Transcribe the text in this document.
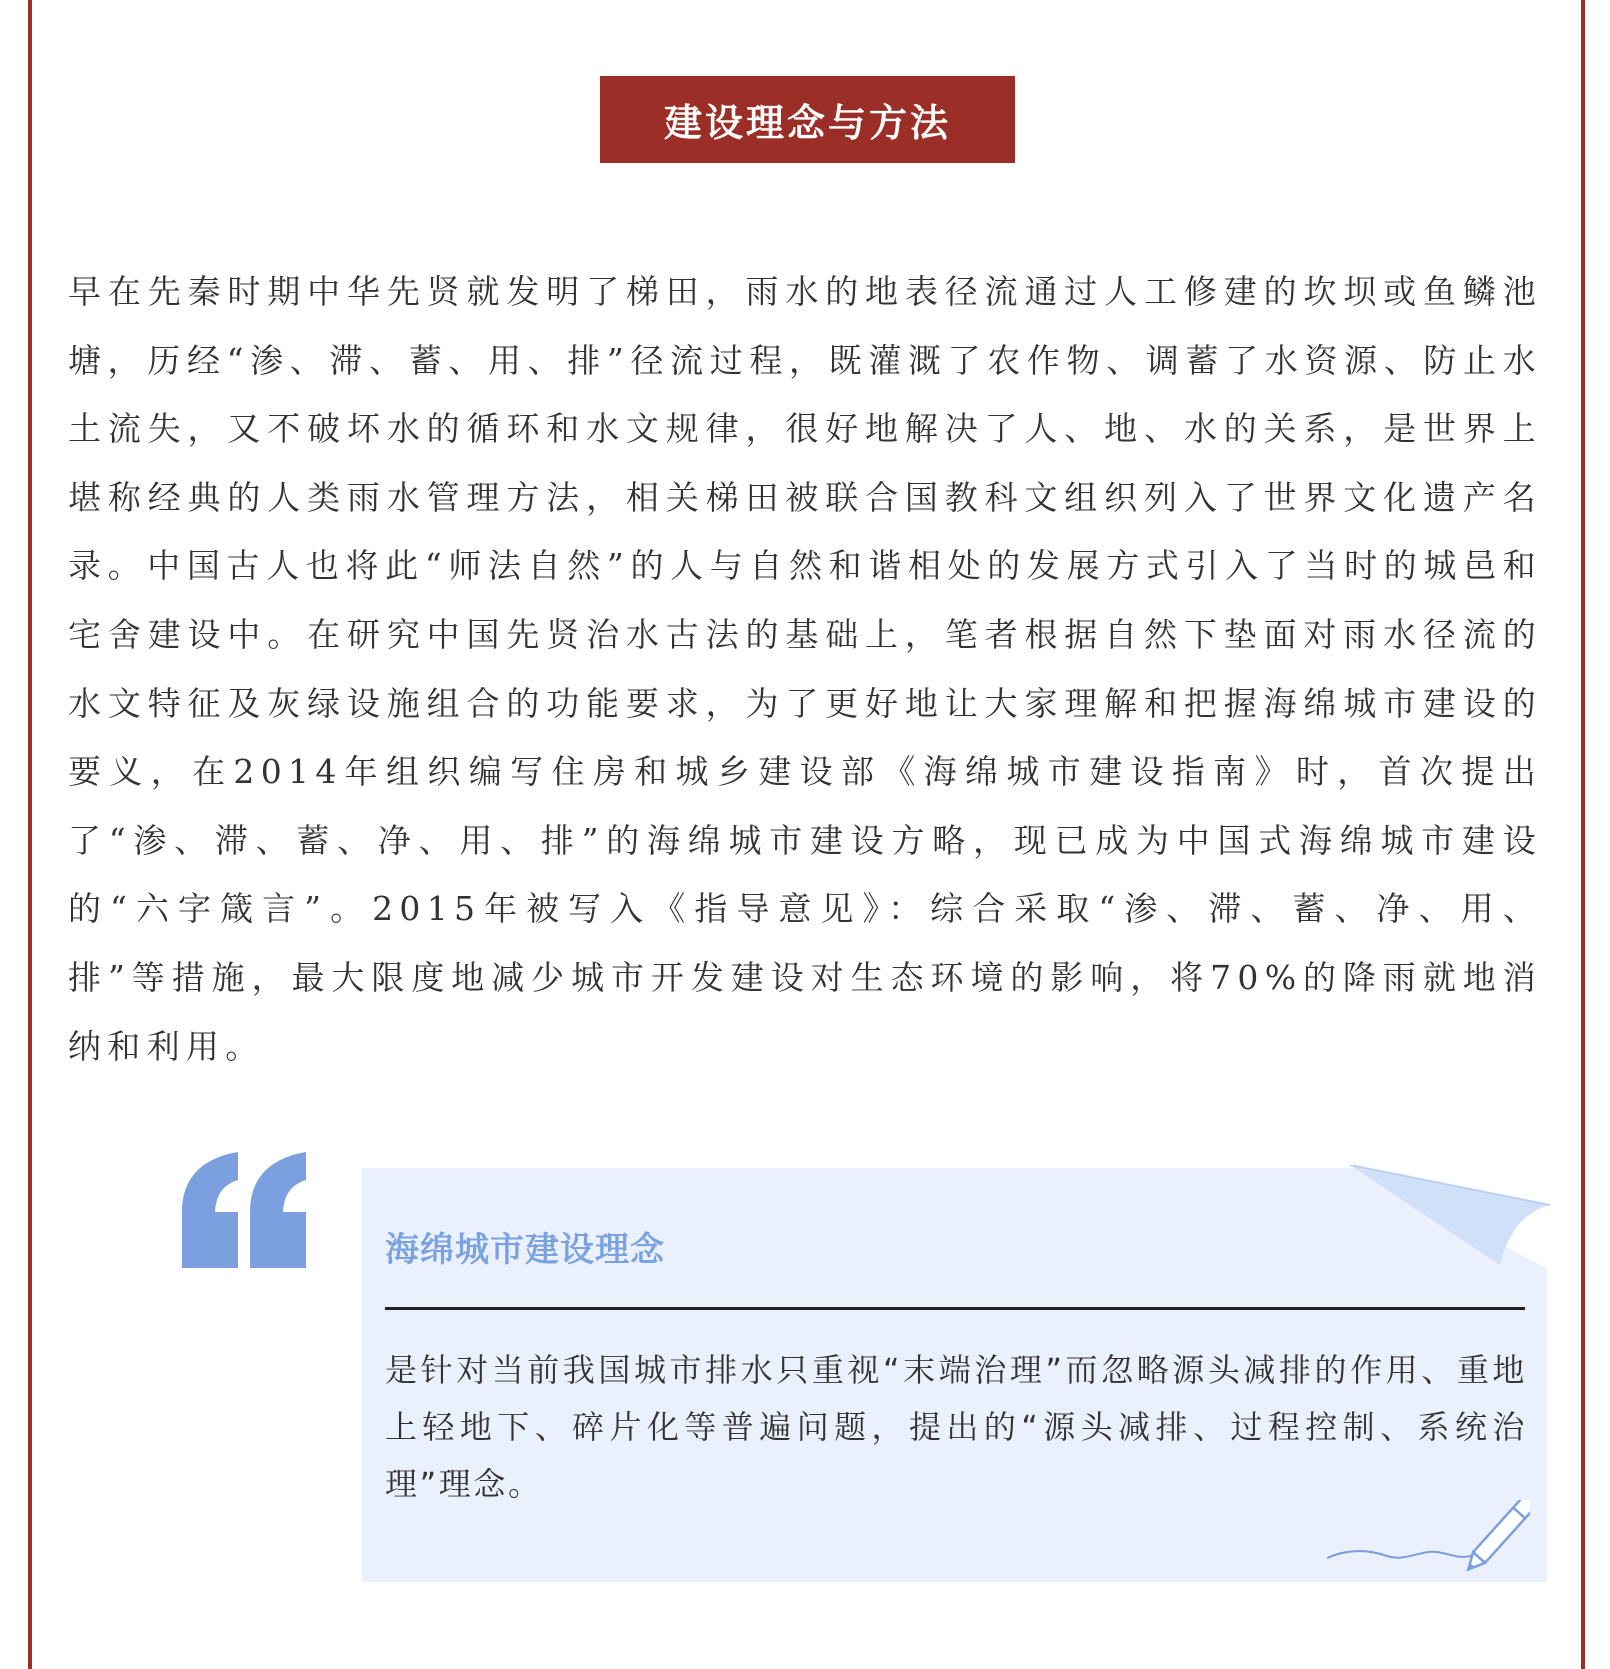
建设理念与方法

早在先秦时期中华先贤就发明了梯田，雨水的地表径流通过人工修建的坎坝或鱼鳞池塘，历经“渗、滞、蓄、用、排”径流过程，既灌溉了农作物、调蓄了水资源、防止水土流失，又不破坏水的循环和水文规律，很好地解决了人、地、水的关系，是世界上堪称经典的人类雨水管理方法，相关梯田被联合国教科文组织列入了世界文化遗产名录。中国古人也将此“师法自然”的人与自然和谐相处的发展方式引入了当时的城邑和宅舍建设中。在研究中国先贤治水古法的基础上，笔者根据自然下垫面对雨水径流的水文特征及灰绿设施组合的功能要求，为了更好地让大家理解和把握海绵城市建设的要义，在2014年组织编写住房和城乡建设部《海绵城市建设指南》时，首次提出了“渗、滞、蓄、净、用、排”的海绵城市建设方略，现已成为中国式海绵城市建设的“六字箴言”。2015年被写入《指导意见》：综合采取“渗、滞、蓄、净、用、排”等措施，最大限度地减少城市开发建设对生态环境的影响，将70%的降雨就地消纳和利用。

海绵城市建设理念

是针对当前我国城市排水只重视“末端治理”而忽略源头减排的作用、重地上轻地下、碎片化等普遍问题，提出的“源头减排、过程控制、系统治理”理念。
